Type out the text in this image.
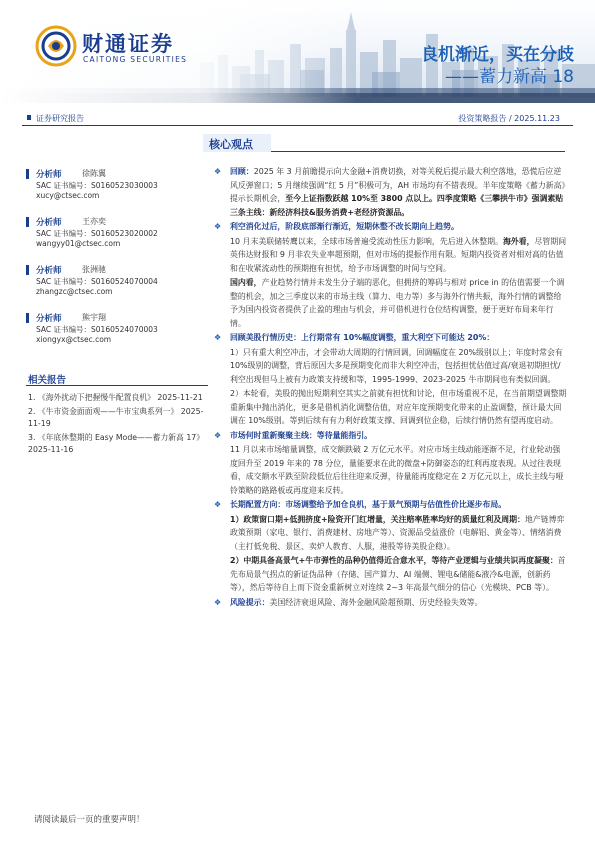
财通证券
CAITONG SECURITIES	良机渐近，买在分歧
——蓄力新高 18
证券研究报告	投资策略报告 / 2025.11.23
分析师	徐陈翼
SAC 证书编号：S0160523030003
xucy@ctsec.com
分析师	王亦奕
SAC 证书编号：S0160523020002
wangyy01@ctsec.com
分析师	张洲驰
SAC 证书编号：S0160524070004
zhangzc@ctsec.com
分析师	熊宇翔
SAC 证书编号：S0160524070003
xiongyx@ctsec.com
相关报告
1. 《海外扰动下把握慢牛配置良机》 2025-11-21
2. 《牛市资金面面观——牛市宝典系列一》 2025-11-19
3. 《年底休整期的 Easy Mode——蓄力新高 17》 2025-11-16
核心观点
❖ 回顾：2025 年 3 月前瞻提示向大金融+消费切换，对等关税后提示最大利空落地，恐慌后应逆风反弹窗口；5 月继续强调“红 5 月”积极可为，AH 市场均有不错表现。半年度策略《蓄力新高》提示长期机会，至今上证指数跃越 10%至 3800 点以上。四季度策略《三攀拱牛市》强调素贴三条主线：新经济科技&服务消费+老经济资源品。
❖ 利空消化过后，阶段底部渐行渐近，短期休整不改长期向上趋势。
10 月末美联储转鹰以来，全球市场普遍受流动性压力影响，先后进入休整期。海外看，尽管期间英伟达财报和 9 月非农失业率超预期，但对市场的提振作用有限。短期内投资者对相对高的估值和在收紧流动性的预期抱有担忧，给予市场调整的时间与空间。
国内看，产业趋势行情并未发生分子端的恶化，但拥挤的筹码与相对 price in 的估值需要一个调整的机会，加之三季度以来的市场主线（算力、电力等）多与海外行情共振，海外行情的调整给予为国内投资者提供了止盈的理由与机会，并可借机进行仓位结构调整，便于更好布局来年行情。
❖ 回顾美股行情历史：上行期常有 10%幅度调整，重大利空下可能达 20%：
1）只有重大利空冲击，才会带动大周期的行情回调，回调幅度在 20%级别以上；年度时常会有 10%级别的调整，背后原因大多是预期变化而非大利空冲击，包括担忧估值过高/衰退初期担忧/利空出现但马上被有力政策支持缓和等，1995-1999、2023-2025 牛市期间也有类似回调。
2）本轮看，美股的抛出短期利空其实之前就有担忧和讨论，但市场重视不足，在当前期望调整期重新集中抛出消化，更多是借机消化调整估值，对应年度预期变化带来的止盈调整，预计最大回调在 10%级别。等到后续有有力利好政策支撑、回调到位企稳，后续行情仍然有望再度启动。
❖ 市场何时重新聚聚主线：等待量能指引。
11 月以来市场缩量调整，成交额跌破 2 万亿元水平。对应市场主线动能逐渐不足，行业轮动强度回升至 2019 年来的 78 分位，量能要求在此的微盘+防御姿态的红利再度表现。从过往表现看，成交额水平跌至阶段低位后往往迎来反弹，待量能再度稳定在 2 万亿元以上，成长主线与哑铃策略的路路板或再度迎来反转。
❖ 长期配置方向：市场调整给予加仓良机，基于景气预期与估值性价比逐步布局。
1）政策窗口期+低拥挤度+险资开门红增量，关注赔率胜率均好的质量红利及周期：地产链博弈政策预期（家电、银行、消费建材、房地产等）、资源品受益涨价（电解铝、黄金等）、情绪消费（主打低免税、景区、卖炉人教育、人服，港股等待美股企稳）。
2）中期具备高景气+牛市弹性的品种仍值得近合意水平，等待产业逻辑与业绩共识再度凝聚：首先布局景气拐点的新证伪品种（存储、国产算力、AI 端侧、锂电&储能&液冷&电源，创新药等），然后等待自上而下资金重新树立对连续 2~3 年高景气细分的信心（光模块、PCB 等）。
❖ 风险提示：美国经济衰退风险、海外金融风险超预期、历史经验失效等。
请阅读最后一页的重要声明！
